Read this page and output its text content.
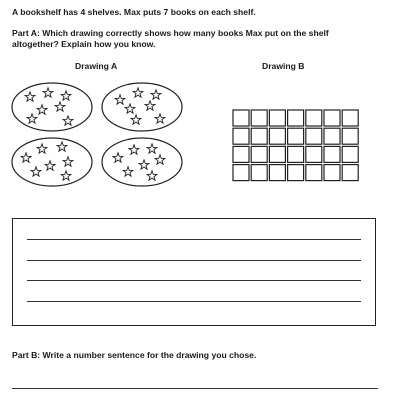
A bookshelf has 4 shelves. Max puts 7 books on each shelf.
Part A: Which drawing correctly shows how many books Max put on the shelf
altogether? Explain how you know.
Drawing A	Drawing B
Part B: Write a number sentence for the drawing you chose.
